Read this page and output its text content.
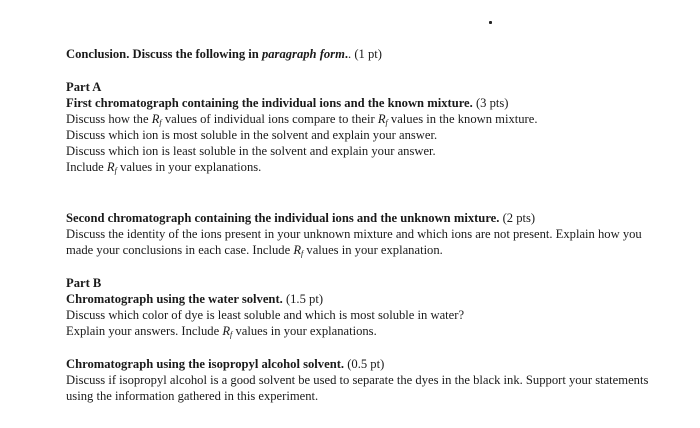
Conclusion. Discuss the following in paragraph form.. (1 pt)
Part A
First chromatograph containing the individual ions and the known mixture. (3 pts)
Discuss how the $R_f$ values of individual ions compare to their $R_f$ values in the known mixture.
Discuss which ion is most soluble in the solvent and explain your answer.
Discuss which ion is least soluble in the solvent and explain your answer.
Include $R_f$ values in your explanations.
Second chromatograph containing the individual ions and the unknown mixture. (2 pts)
Discuss the identity of the ions present in your unknown mixture and which ions are not present. Explain how you made your conclusions in each case. Include $R_f$ values in your explanation.
Part B
Chromatograph using the water solvent. (1.5 pt)
Discuss which color of dye is least soluble and which is most soluble in water?
Explain your answers. Include $R_f$ values in your explanations.
Chromatograph using the isopropyl alcohol solvent. (0.5 pt)
Discuss if isopropyl alcohol is a good solvent be used to separate the dyes in the black ink. Support your statements using the information gathered in this experiment.
